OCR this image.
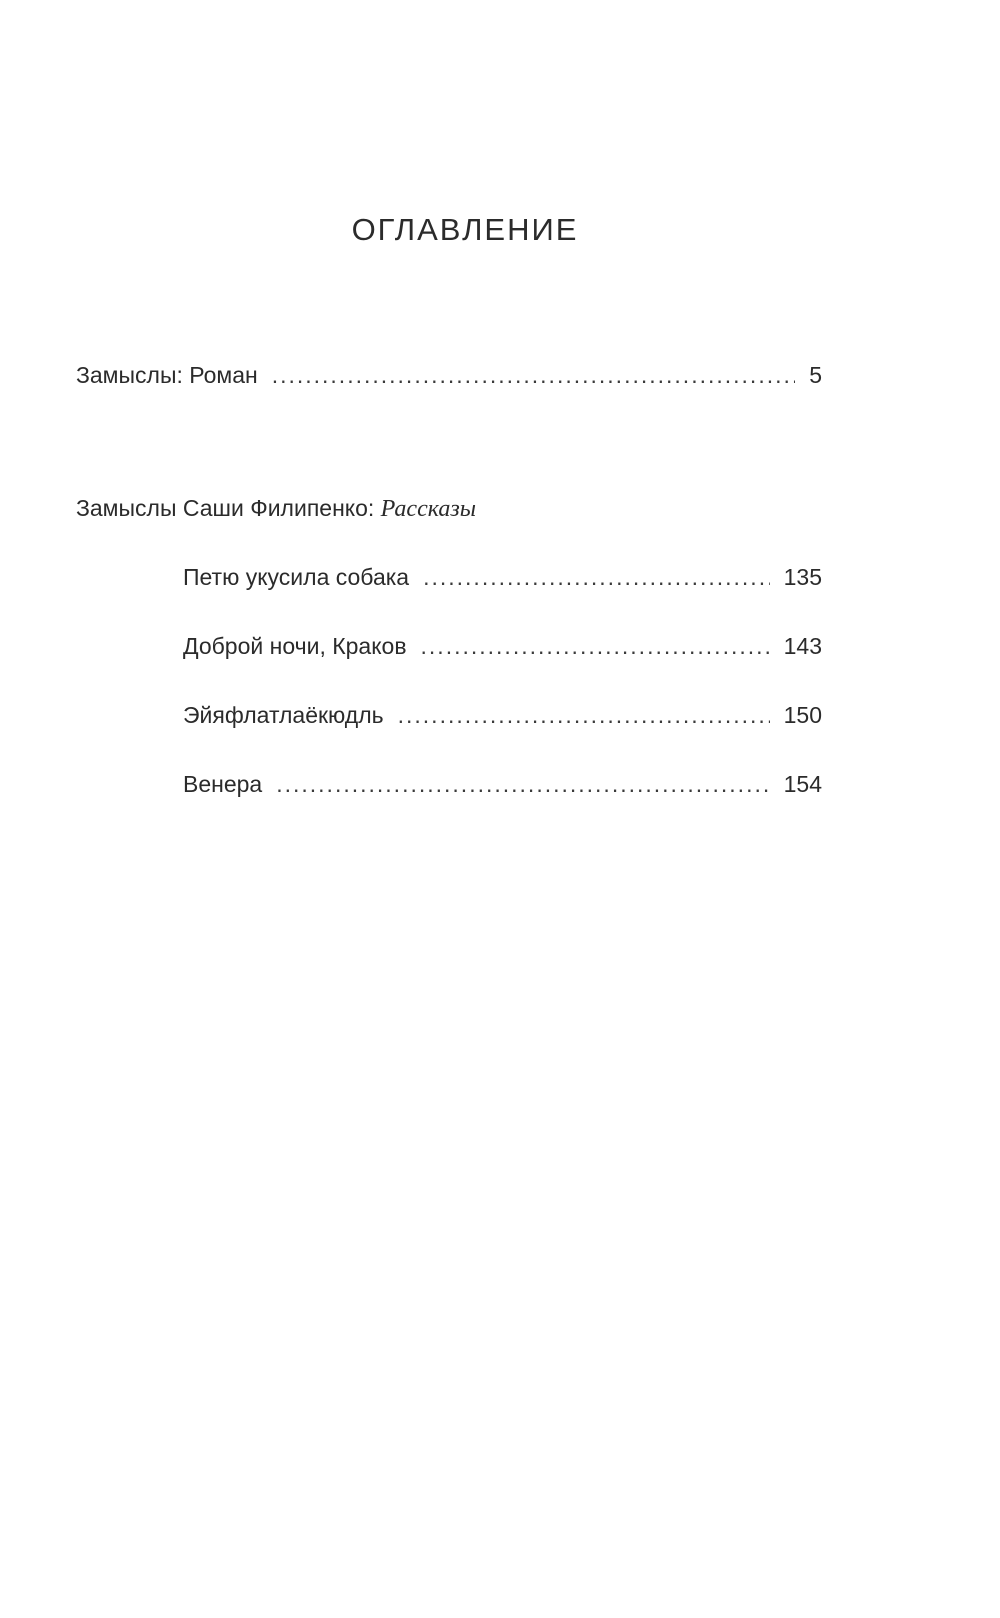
ОГЛАВЛЕНИЕ
Замыслы: Роман .....	5
Замыслы Саши Филипенко: Рассказы
Петю укусила собака .....	135
Доброй ночи, Краков .....	143
Эйяфлатлаёкюдль .....	150
Венера .....	154
